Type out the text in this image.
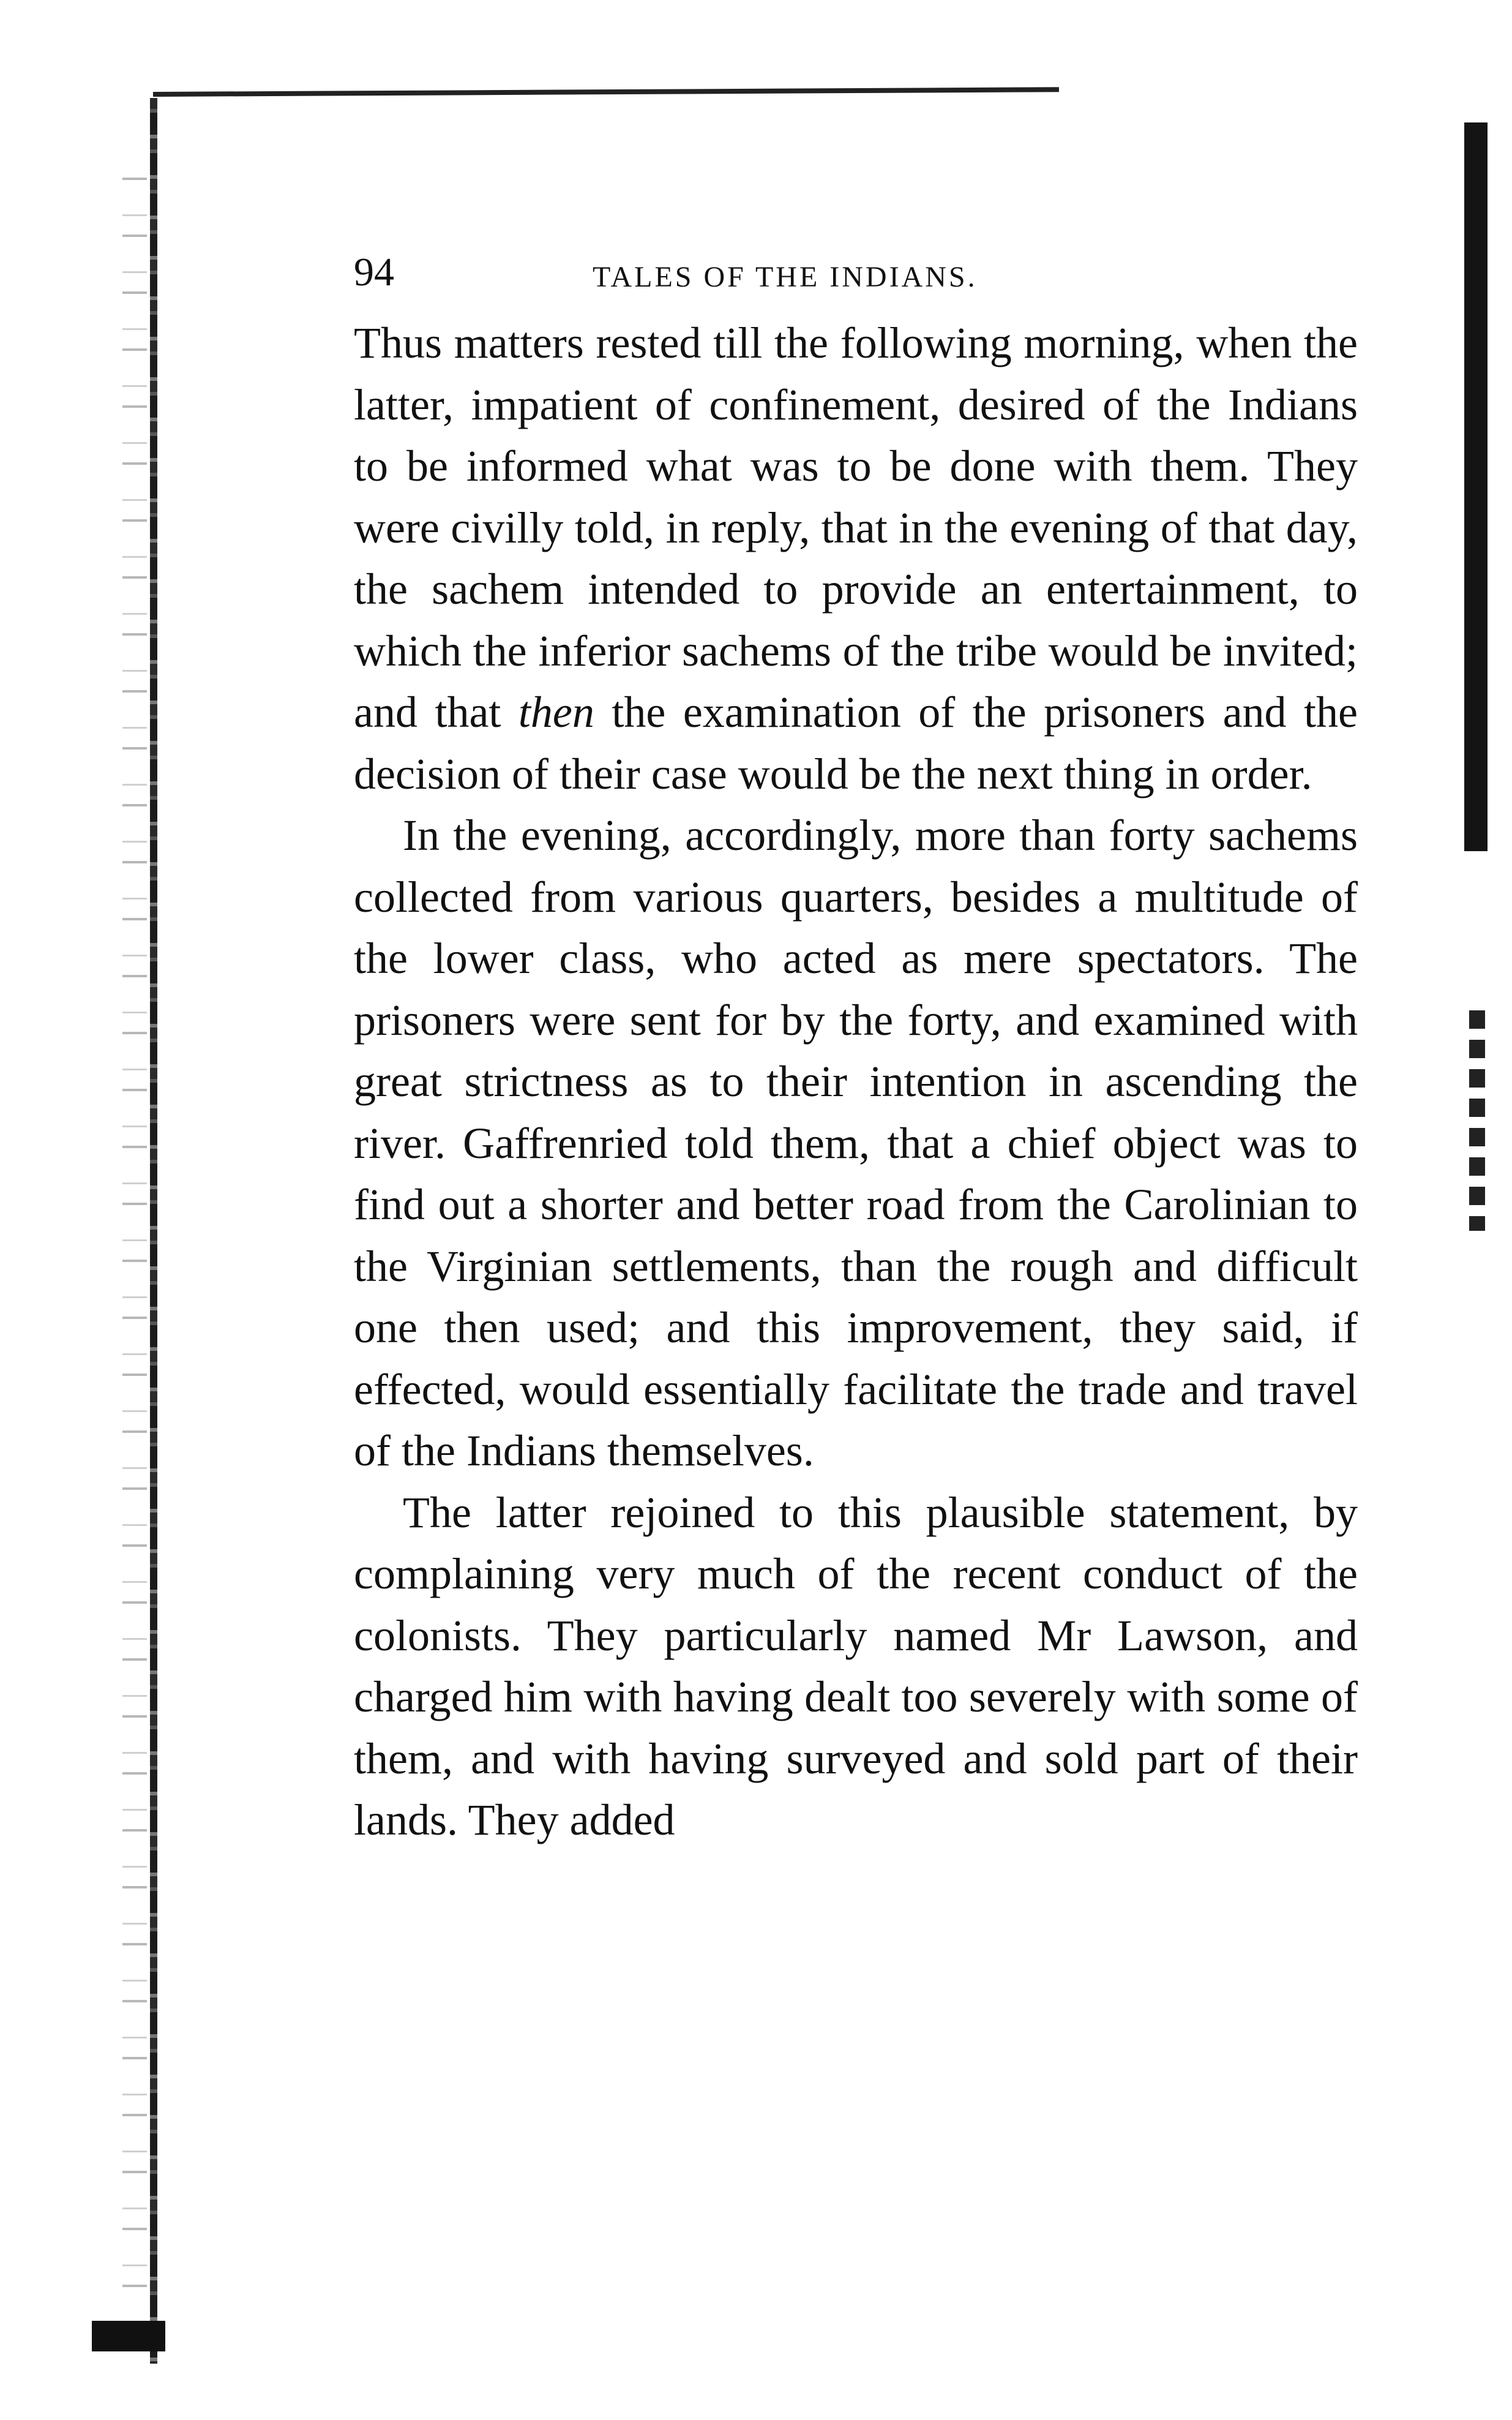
94	TALES OF THE INDIANS.

Thus matters rested till the following morning, when the latter, impatient of confinement, desired of the Indians to be informed what was to be done with them. They were civilly told, in reply, that in the evening of that day, the sachem intended to provide an entertainment, to which the inferior sachems of the tribe would be invited; and that then the examination of the prisoners and the decision of their case would be the next thing in order.

In the evening, accordingly, more than forty sachems collected from various quarters, besides a multitude of the lower class, who acted as mere spectators. The prisoners were sent for by the forty, and examined with great strictness as to their intention in ascending the river. Gaffrenried told them, that a chief object was to find out a shorter and better road from the Carolinian to the Virginian settlements, than the rough and difficult one then used; and this improvement, they said, if effected, would essentially facilitate the trade and travel of the Indians themselves.

The latter rejoined to this plausible statement, by complaining very much of the recent conduct of the colonists. They particularly named Mr Lawson, and charged him with having dealt too severely with some of them, and with having surveyed and sold part of their lands. They added
